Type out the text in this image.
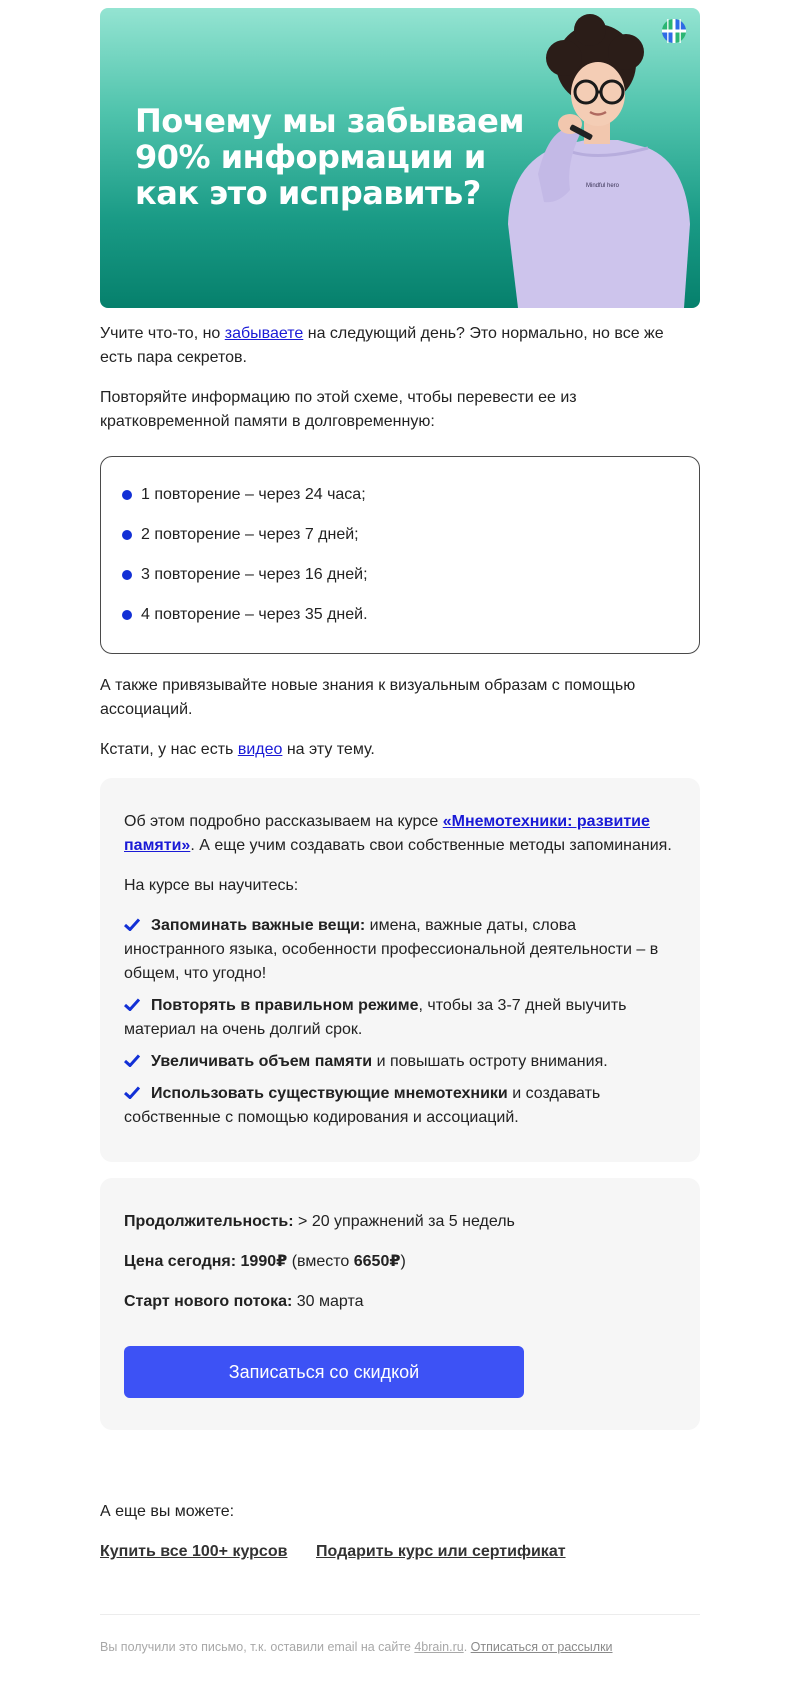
Почему мы забываем 90% информации и как это исправить?	Mindful hero

Учите что-то, но забываете на следующий день? Это нормально, но все же есть пара секретов.

Повторяйте информацию по этой схеме, чтобы перевести ее из кратковременной памяти в долговременную:

1 повторение – через 24 часа;
2 повторение – через 7 дней;
3 повторение – через 16 дней;
4 повторение – через 35 дней.

А также привязывайте новые знания к визуальным образам с помощью ассоциаций.

Кстати, у нас есть видео на эту тему.

Об этом подробно рассказываем на курсе «Мнемотехники: развитие памяти». А еще учим создавать свои собственные методы запоминания.

На курсе вы научитесь:

Запоминать важные вещи: имена, важные даты, слова иностранного языка, особенности профессиональной деятельности – в общем, что угодно!

Повторять в правильном режиме, чтобы за 3-7 дней выучить материал на очень долгий срок.

Увеличивать объем памяти и повышать остроту внимания.

Использовать существующие мнемотехники и создавать собственные с помощью кодирования и ассоциаций.

Продолжительность: > 20 упражнений за 5 недель

Цена сегодня: 1990₽ (вместо 6650₽)

Старт нового потока: 30 марта

Записаться со скидкой

А еще вы можете:

Купить все 100+ курсов Подарить курс или сертификат
Вы получили это письмо, т.к. оставили email на сайте 4brain.ru. Отписаться от рассылки
